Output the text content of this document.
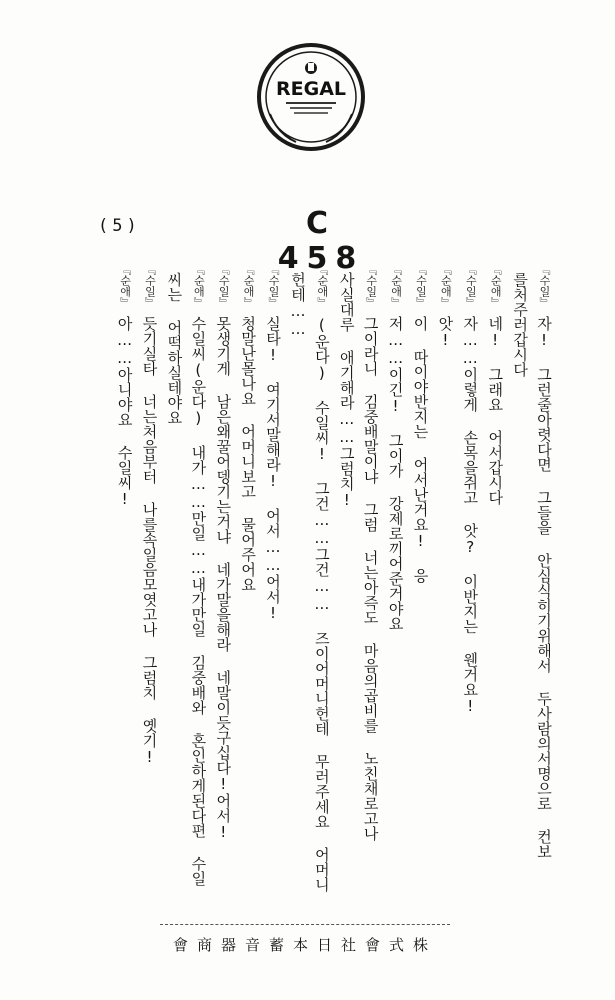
REGAL
(5)	C 458
『수일』자! 그런줄아렷다면 그들을 안심식히기위해서 두사람의서명으로 컨보
를처주러갑시다
『순애』네! 그래요 어서갑시다
『수일』자……이렇게 손목을쥐고 앗? 이반지는 웬거요!
『순애』앗!
『수일』이 따이야반지는 어서난거요! 응
『순애』저……이긴! 그이가 강제로끼어준거야요
『수일』그이라니 김중배말이냐 그럼 너는아즉도 마음의곱비를 노친채로고나
사실대루 애기해라……그럼치!
『순애』(운다) 수일씨! 그건……그건…… 즈이어머니헌테 무러주세요 어머니
헌테……
『수일』실타! 여기서말해라! 어서……어서!
『순애』청말난몰나요 어머니보고 물어주어요
『수일』못생기게 남은왜꿀어뎅기는거냐 네가말을해라 네말이듯구십다!어서!
『순애』수일씨(운다) 내가……만일……내가만일 김중배와 혼인하게된다편 수일
씨는 어떡하실테야요
『수일』듯기실타 너는처음부터 나를속일음모엿고나 그럼치 옛기!
『순애』아……아니야요 수일씨!
會商器音蓄本日社會式株
